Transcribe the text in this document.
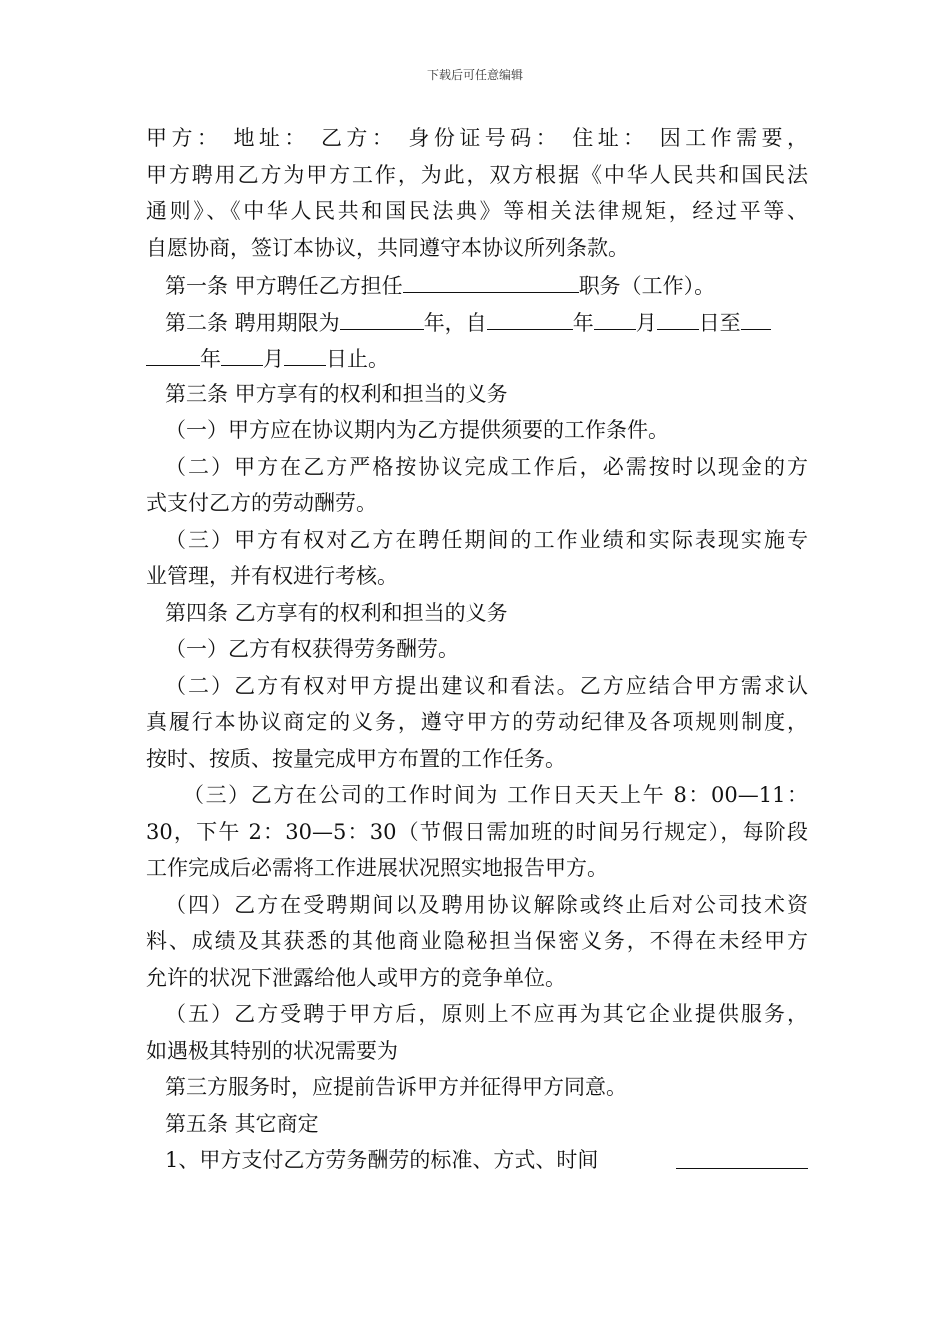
下载后可任意编辑
甲方： 地址： 乙方： 身份证号码： 住址： 因工作需要，
甲方聘用乙方为甲方工作，为此，双方根据《中华人民共和国民法
通则》、《中华人民共和国民法典》等相关法律规矩，经过平等、
自愿协商，签订本协议，共同遵守本协议所列条款。
第一条 甲方聘任乙方担任	职务（工作）。
第二条 聘用期限为	年，自	年 月 日至
年 月 日止。
第三条 甲方享有的权利和担当的义务
（一）甲方应在协议期内为乙方提供须要的工作条件。
（二）甲方在乙方严格按协议完成工作后，必需按时以现金的方
式支付乙方的劳动酬劳。
（三）甲方有权对乙方在聘任期间的工作业绩和实际表现实施专
业管理，并有权进行考核。
第四条 乙方享有的权利和担当的义务
（一）乙方有权获得劳务酬劳。
（二）乙方有权对甲方提出建议和看法。乙方应结合甲方需求认
真履行本协议商定的义务，遵守甲方的劳动纪律及各项规则制度，
按时、按质、按量完成甲方布置的工作任务。
（三）乙方在公司的工作时间为 工作日天天上午 8：00—11：
30，下午 2：30—5：30（节假日需加班的时间另行规定），每阶段
工作完成后必需将工作进展状况照实地报告甲方。
（四）乙方在受聘期间以及聘用协议解除或终止后对公司技术资
料、成绩及其获悉的其他商业隐秘担当保密义务，不得在未经甲方
允许的状况下泄露给他人或甲方的竞争单位。
（五）乙方受聘于甲方后，原则上不应再为其它企业提供服务，
如遇极其特别的状况需要为
第三方服务时，应提前告诉甲方并征得甲方同意。
第五条 其它商定
1、甲方支付乙方劳务酬劳的标准、方式、时间
